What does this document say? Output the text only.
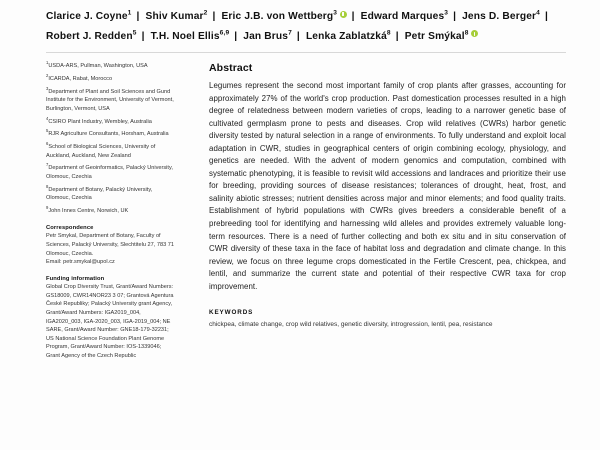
Clarice J. Coyne$^1$ | Shiv Kumar$^2$ | Eric J.B. von Wettberg$^3$ | Edward Marques$^3$ | Jens D. Berger$^4$ |Robert J. Redden$^5$ | T.H. Noel Ellis$^{6,9}$ | Jan Brus$^7$ | Lenka Zablatzká$^8$ | Petr Smýkal$^8$
$^1$USDA-ARS, Pullman, Washington, USA
$^2$ICARDA, Rabat, Morocco
$^3$Department of Plant and Soil Sciences and Gund Institute for the Environment, University of Vermont, Burlington, Vermont, USA
$^4$CSIRO Plant Industry, Wembley, Australia
$^5$RJR Agriculture Consultants, Horsham, Australia
$^6$School of Biological Sciences, University of Auckland, Auckland, New Zealand
$^7$Department of Geoinformatics, Palacký University, Olomouc, Czechia
$^8$Department of Botany, Palacký University, Olomouc, Czechia
$^9$John Innes Centre, Norwich, UK
Correspondence
Petr Smykal, Department of Botany, Faculty of Sciences, Palacký University, Slechtitelu 27, 783 71 Olomouc, Czechia.
Email: petr.smykal@upol.cz
Funding information
Global Crop Diversity Trust, Grant/Award Numbers: GS18009, CWR14NOR23 3 07; Grantová Agentura České Republiky; Palacký University grant Agency, Grant/Award Numbers: IGA2019_004, IGA2020_003, IGA-2020_003, IGA-2019_004; NE SARE, Grant/Award Number: GNE18-179-32231; US National Science Foundation Plant Genome Program, Grant/Award Number: IOS-1339046; Grant Agency of the Czech Republic
Abstract
Legumes represent the second most important family of crop plants after grasses, accounting for approximately 27% of the world's crop production. Past domestication processes resulted in a high degree of relatedness between modern varieties of crops, leading to a narrower genetic base of cultivated germplasm prone to pests and diseases. Crop wild relatives (CWRs) harbor genetic diversity tested by natural selection in a range of environments. To fully understand and exploit local adaptation in CWR, studies in geographical centers of origin combining ecology, physiology, and genetics are needed. With the advent of modern genomics and computation, combined with systematic phenotyping, it is feasible to revisit wild accessions and landraces and prioritize their use for breeding, providing sources of disease resistances; tolerances of drought, heat, frost, and salinity abiotic stresses; nutrient densities across major and minor elements; and food quality traits. Establishment of hybrid populations with CWRs gives breeders a considerable benefit of a prebreeding tool for identifying and harnessing wild alleles and provides extremely valuable long-term resources. There is a need of further collecting and both ex situ and in situ conservation of CWR diversity of these taxa in the face of habitat loss and degradation and climate change. In this review, we focus on three legume crops domesticated in the Fertile Crescent, pea, chickpea, and lentil, and summarize the current state and potential of their respective CWR taxa for crop improvement.
KEYWORDS
chickpea, climate change, crop wild relatives, genetic diversity, introgression, lentil, pea, resistance
